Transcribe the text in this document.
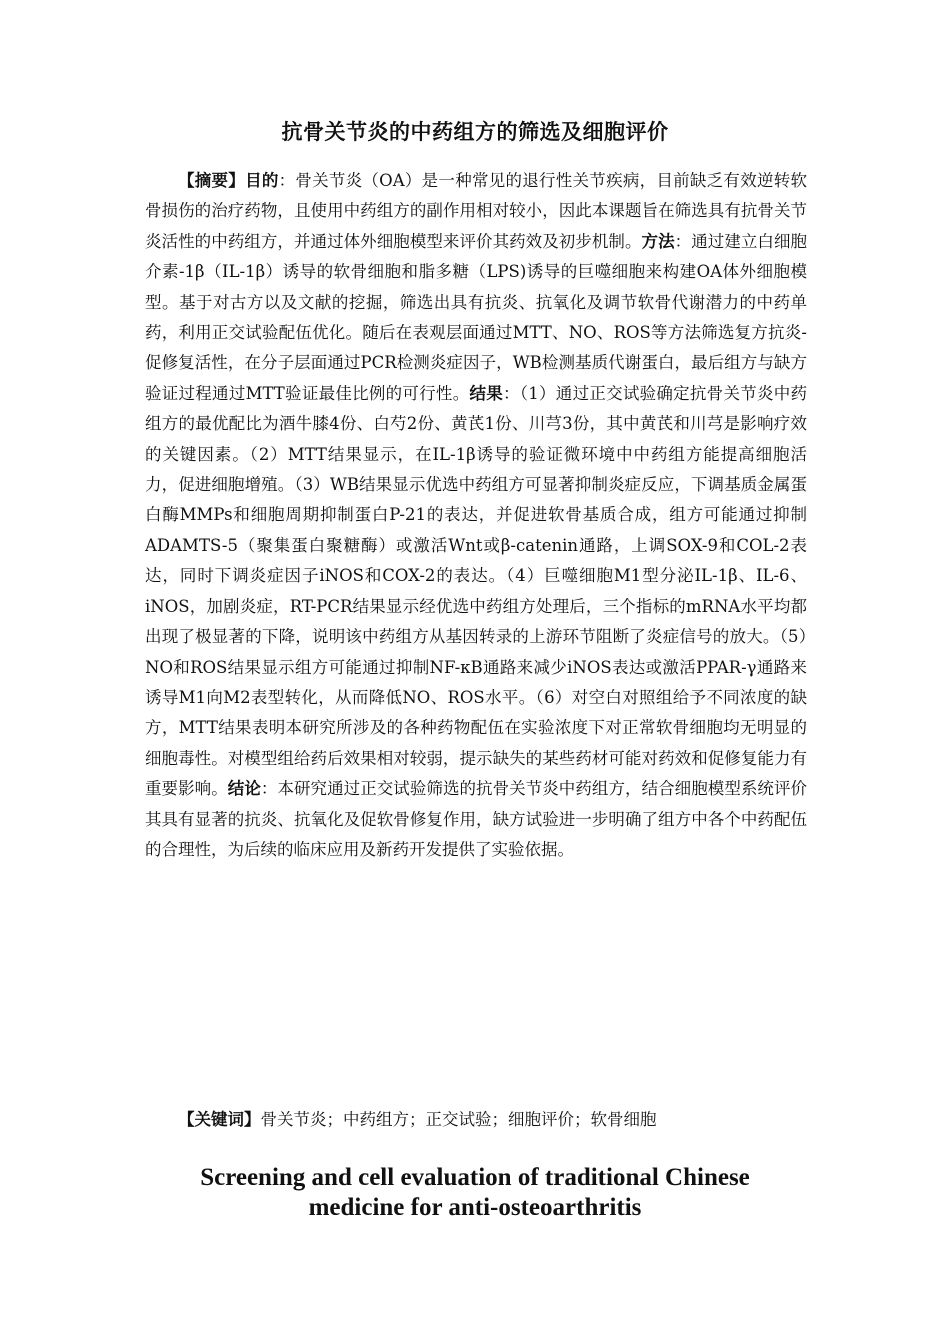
抗骨关节炎的中药组方的筛选及细胞评价

【摘要】目的：骨关节炎（OA）是一种常见的退行性关节疾病，目前缺乏有效逆转软骨损伤的治疗药物，且使用中药组方的副作用相对较小，因此本课题旨在筛选具有抗骨关节炎活性的中药组方，并通过体外细胞模型来评价其药效及初步机制。方法：通过建立白细胞介素-1β（IL-1β）诱导的软骨细胞和脂多糖（LPS)诱导的巨噬细胞来构建OA体外细胞模型。基于对古方以及文献的挖掘，筛选出具有抗炎、抗氧化及调节软骨代谢潜力的中药单药，利用正交试验配伍优化。随后在表观层面通过MTT、NO、ROS等方法筛选复方抗炎-促修复活性，在分子层面通过PCR检测炎症因子，WB检测基质代谢蛋白，最后组方与缺方验证过程通过MTT验证最佳比例的可行性。结果：（1）通过正交试验确定抗骨关节炎中药组方的最优配比为酒牛膝4份、白芍2份、黄芪1份、川芎3份，其中黄芪和川芎是影响疗效的关键因素。（2）MTT结果显示，在IL-1β诱导的验证微环境中中药组方能提高细胞活力，促进细胞增殖。（3）WB结果显示优选中药组方可显著抑制炎症反应，下调基质金属蛋白酶MMPs和细胞周期抑制蛋白P-21的表达，并促进软骨基质合成，组方可能通过抑制ADAMTS-5（聚集蛋白聚糖酶）或激活Wnt或β-catenin通路，上调SOX-9和COL-2表达，同时下调炎症因子iNOS和COX-2的表达。（4）巨噬细胞M1型分泌IL-1β、IL-6、iNOS，加剧炎症，RT-PCR结果显示经优选中药组方处理后，三个指标的mRNA水平均都出现了极显著的下降，说明该中药组方从基因转录的上游环节阻断了炎症信号的放大。（5）NO和ROS结果显示组方可能通过抑制NF-κB通路来减少iNOS表达或激活PPAR-γ通路来诱导M1向M2表型转化，从而降低NO、ROS水平。（6）对空白对照组给予不同浓度的缺方，MTT结果表明本研究所涉及的各种药物配伍在实验浓度下对正常软骨细胞均无明显的细胞毒性。对模型组给药后效果相对较弱，提示缺失的某些药材可能对药效和促修复能力有重要影响。结论：本研究通过正交试验筛选的抗骨关节炎中药组方，结合细胞模型系统评价其具有显著的抗炎、抗氧化及促软骨修复作用，缺方试验进一步明确了组方中各个中药配伍的合理性，为后续的临床应用及新药开发提供了实验依据。

【关键词】骨关节炎；中药组方；正交试验；细胞评价；软骨细胞

Screening and cell evaluation of traditional Chinese
medicine for anti-osteoarthritis
